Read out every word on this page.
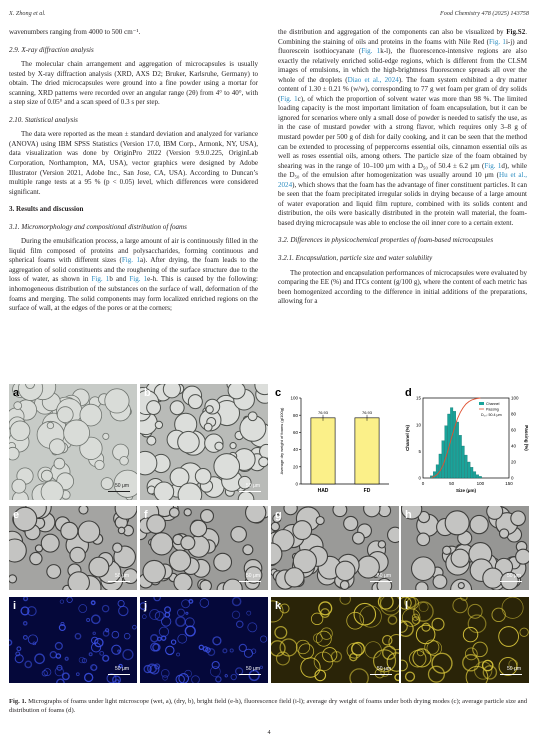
X. Zhong et al.	Food Chemistry 478 (2025) 143758

wavenumbers ranging from 4000 to 500 cm⁻¹.

2.9. X-ray diffraction analysis

The molecular chain arrangement and aggregation of microcapsules is usually tested by X-ray diffraction analysis (XRD, AXS D2; Bruker, Karlsruhe, Germany) to obtain. The dried microcapsules were ground into a fine powder using a mortar for scanning, XRD patterns were recorded over an angular range (2θ) from 4° to 40°, with a step size of 0.05° and a scan speed of 0.3 s per step.

2.10. Statistical analysis

The data were reported as the mean ± standard deviation and analyzed for variance (ANOVA) using IBM SPSS Statistics (Version 17.0, IBM Corp., Armonk, NY, USA), data visualization was done by OriginPro 2022 (Version 9.9.0.225, OriginLab Corporation, Northampton, MA, USA), vector graphics were designed by Adobe Illustrator (Version 2021, Adobe Inc., San Jose, CA, USA). According to Duncan’s multiple range tests at a 95 % (p < 0.05) level, which differences were considered significant.

3. Results and discussion
3.1. Micromorphology and compositional distribution of foams

During the emulsification process, a large amount of air is continuously filled in the liquid film composed of proteins and polysaccharides, forming continuous and spherical foams with different sizes (Fig. 1a). After drying, the foam leads to the aggregation of solid constituents and the roughening of the surface structure due to the loss of water, as shown in Fig. 1b and Fig. 1e-h. This is caused by the following: inhomogeneous distribution of the substances on the surface of wall, deformation of the foams and merging. The solid components may form localized enriched regions on the surface of wall, at the edges of the pores or at the corners;

the distribution and aggregation of the components can also be visualized by Fig.S2. Combining the staining of oils and proteins in the foams with Nile Red (Fig. 1i-j) and fluorescein isothiocyanate (Fig. 1k-l), the fluorescence-intensive regions are also exactly the relatively enriched solid-edge regions, which is different from the CLSM images of emulsions, in which the high-brightness fluorescence spreads all over the whole of the droplets (Diao et al., 2024). The foam system exhibited a dry matter content of 1.30 ± 0.21 % (w/w), corresponding to 77 g wet foam per gram of dry solids (Fig. 1c), of which the proportion of solvent water was more than 98 %. The limited loading capacity is the most important limitation of foam encapsulation, but it can be ignored for scenarios where only a small dose of powder is needed to satisfy the use, as in the case of mustard powder with a strong flavor, which requires only 3–8 g of mustard powder per 500 g of dish for daily cooking, and it can be seen that the method can be extended to processing of peppercorns essential oils, cinnamon essential oils as well as roses essential oils, among others. The particle size of the foam obtained by shearing was in the range of 10–100 μm with a D₅₀ of 50.4 ± 6.2 μm (Fig. 1d), while the D₅₀ of the emulsion after homogenization was usually around 10 μm (Hu et al., 2024), which shows that the foam has the advantage of finer constituent particles. It can be seen that the foam precipitated irregular solids in drying because of a large amount of water evaporation and liquid film rupture, combined with its solids content and distribution, the oils were basically distributed in the protein wall material, the foam-based drying microcapsule was able to enclose the oil inner core to a certain extent.

3.2. Differences in physicochemical properties of foam-based microcapsules
3.2.1. Encapsulation, particle size and water solubility

The protection and encapsulation performances of microcapsules were evaluated by comparing the EE (%) and ITCs content (g/100 g), where the content of each metric has been homogenized according to the difference in initial additions of the preparations, allowing for a

a
50 μm
b
50 μm	0
20
40
60
80
100
Average dry weight of foams (g/100g)	76.93
HAD
76.93
FD
c
0
5
10
15
0
20
40
60
80
100
0	50	100	150
Size (μm)
Channel (%)	Passing (%)
Channel
Passing
D₅₀: 50.4 μm
d
e
50 μm
f
50 μm
g
50 μm
h
50 μm
i
50 μm
j
50 μm
k
50 μm
l
50 μm
Fig. 1. Micrographs of foams under light microscope (wet, a), (dry, b), bright field (e-h), fluorescence field (i-l); average dry weight of foams under both drying modes (c); average particle size and distribution of foams (d).
4
